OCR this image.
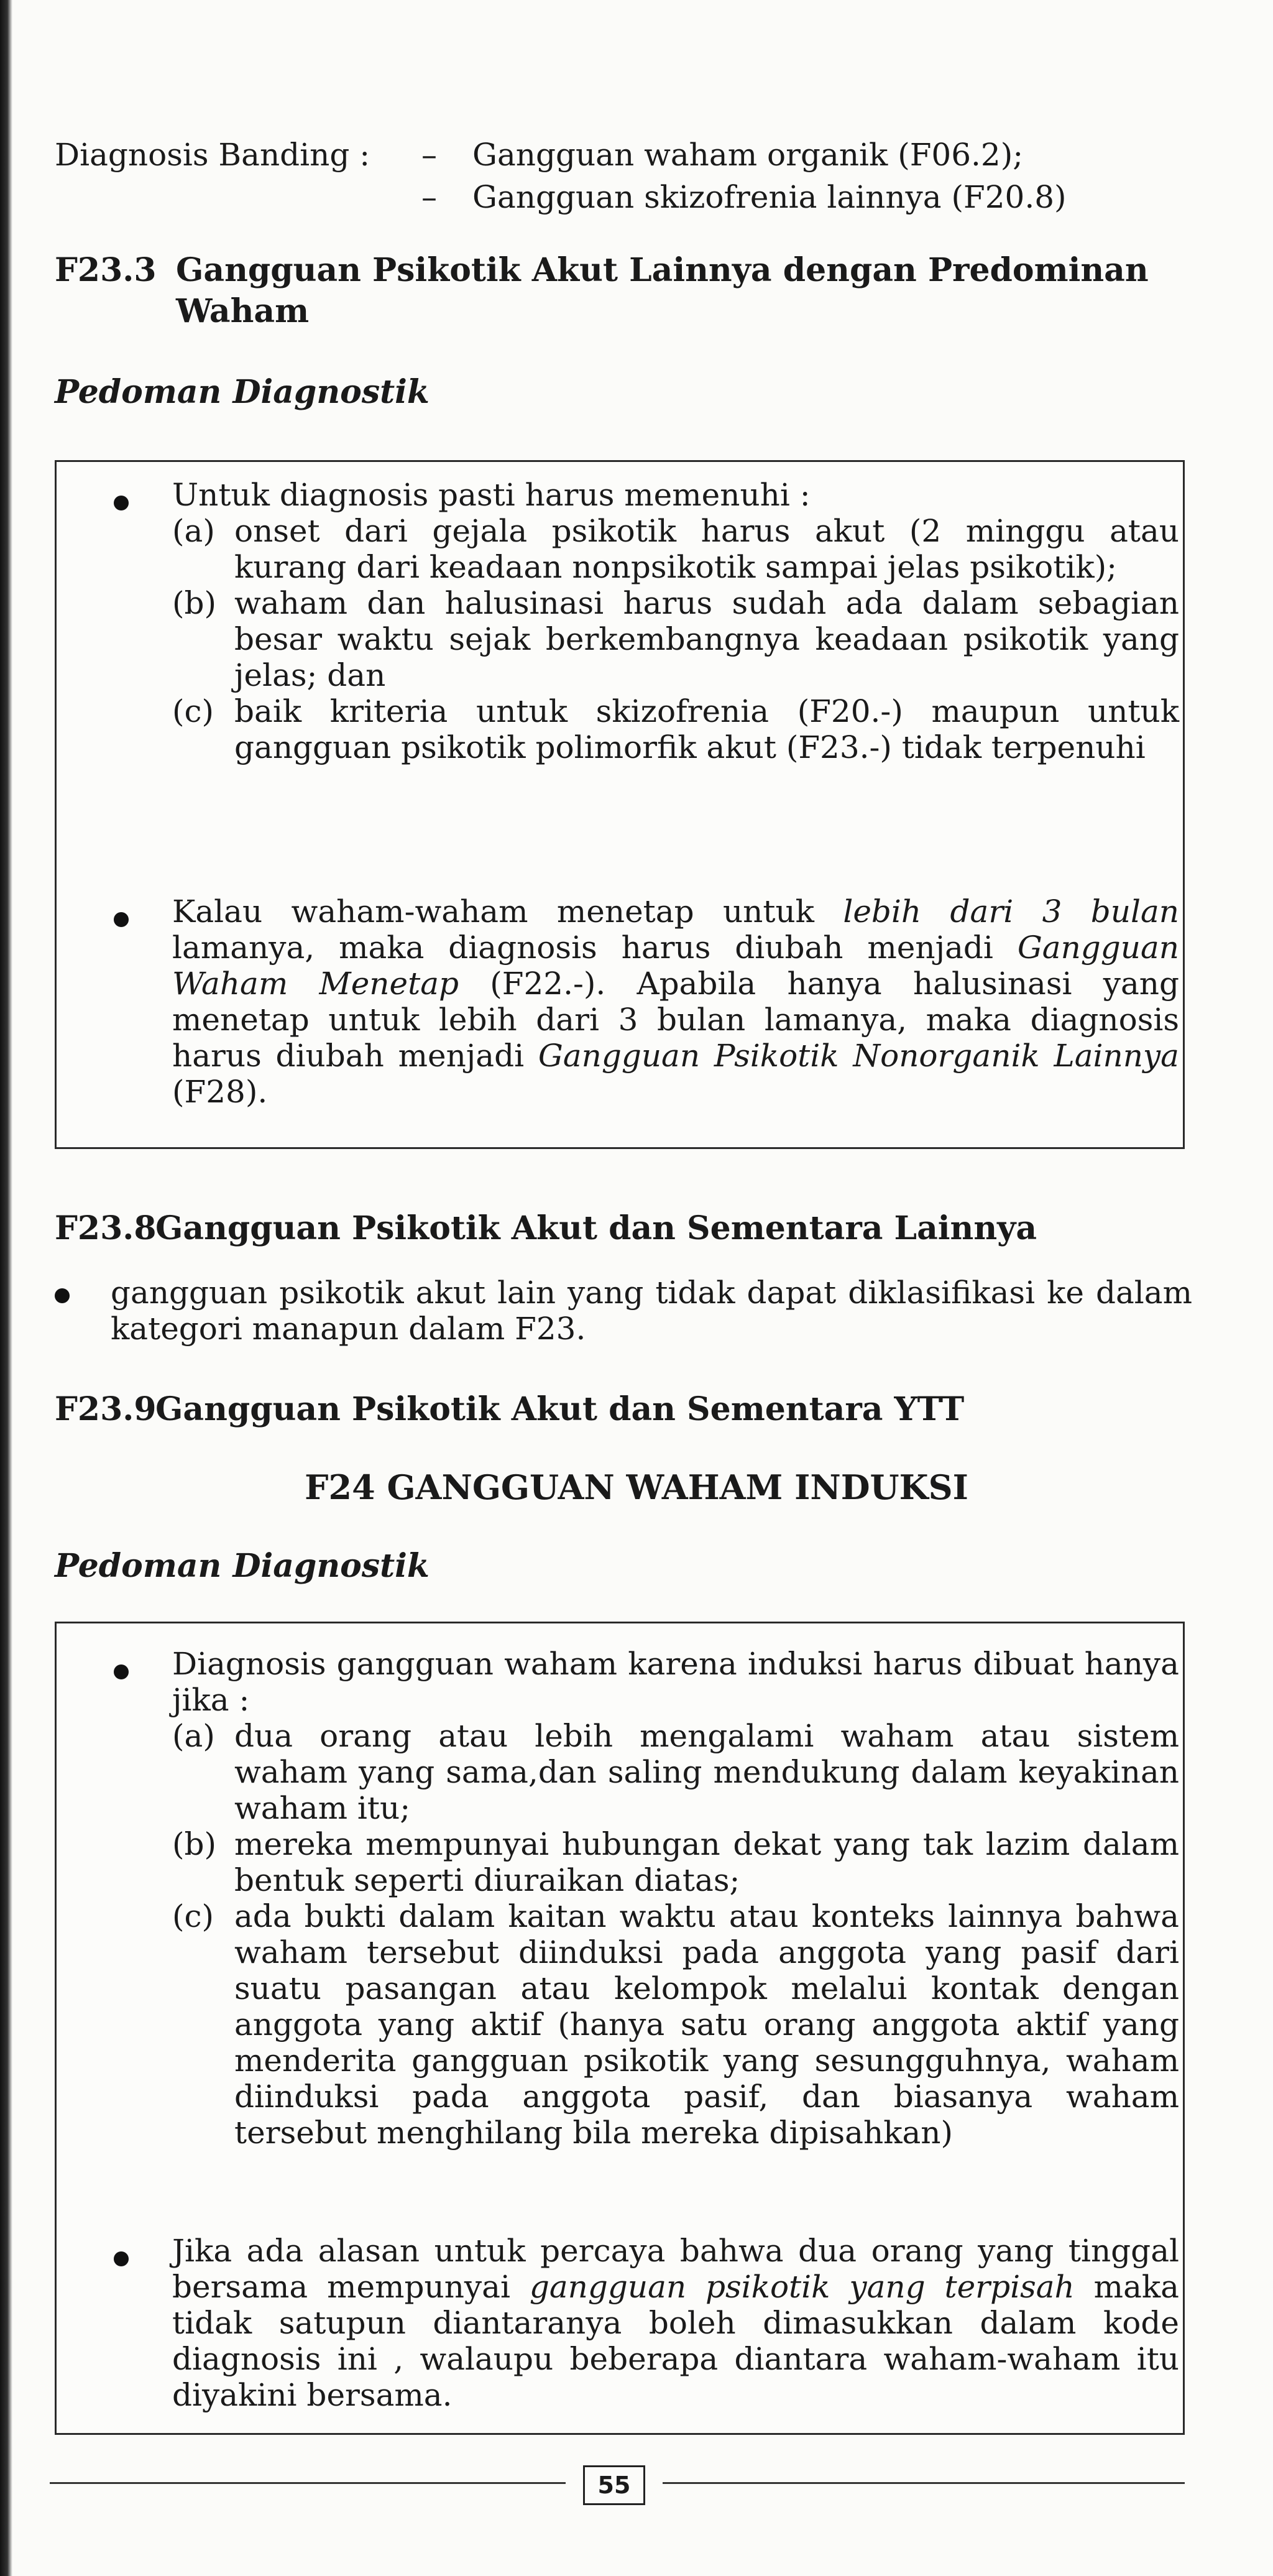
Diagnosis Banding :	– Gangguan waham organik (F06.2);
– Gangguan skizofrenia lainnya (F20.8)
F23.3 Gangguan Psikotik Akut Lainnya dengan Predominan
Waham
Pedoman Diagnostik
Untuk diagnosis pasti harus memenuhi :
(a) onset dari gejala psikotik harus akut (2 minggu atau kurang dari keadaan nonpsikotik sampai jelas psikotik);
(b) waham dan halusinasi harus sudah ada dalam sebagian besar waktu sejak berkembangnya keadaan psikotik yang jelas; dan
(c) baik kriteria untuk skizofrenia (F20.-) maupun untuk gangguan psikotik polimorfik akut (F23.-) tidak terpenuhi
Kalau waham-waham menetap untuk lebih dari 3 bulan lamanya, maka diagnosis harus diubah menjadi Gangguan Waham Menetap (F22.-). Apabila hanya halusinasi yang menetap untuk lebih dari 3 bulan lamanya, maka diagnosis harus diubah menjadi Gangguan Psikotik Nonorganik Lainnya (F28).
F23.8Gangguan Psikotik Akut dan Sementara Lainnya
gangguan psikotik akut lain yang tidak dapat diklasifikasi ke dalam kategori manapun dalam F23.
F23.9Gangguan Psikotik Akut dan Sementara YTT
F24 GANGGUAN WAHAM INDUKSI
Pedoman Diagnostik
Diagnosis gangguan waham karena induksi harus dibuat hanya jika :
(a) dua orang atau lebih mengalami waham atau sistem waham yang sama,dan saling mendukung dalam keyakinan waham itu;
(b) mereka mempunyai hubungan dekat yang tak lazim dalam bentuk seperti diuraikan diatas;
(c) ada bukti dalam kaitan waktu atau konteks lainnya bahwa waham tersebut diinduksi pada anggota yang pasif dari suatu pasangan atau kelompok melalui kontak dengan anggota yang aktif (hanya satu orang anggota aktif yang menderita gangguan psikotik yang sesungguhnya, waham diinduksi pada anggota pasif, dan biasanya waham tersebut menghilang bila mereka dipisahkan)
Jika ada alasan untuk percaya bahwa dua orang yang tinggal bersama mempunyai gangguan psikotik yang terpisah maka tidak satupun diantaranya boleh dimasukkan dalam kode diagnosis ini , walaupu beberapa diantara waham-waham itu diyakini bersama.
55
